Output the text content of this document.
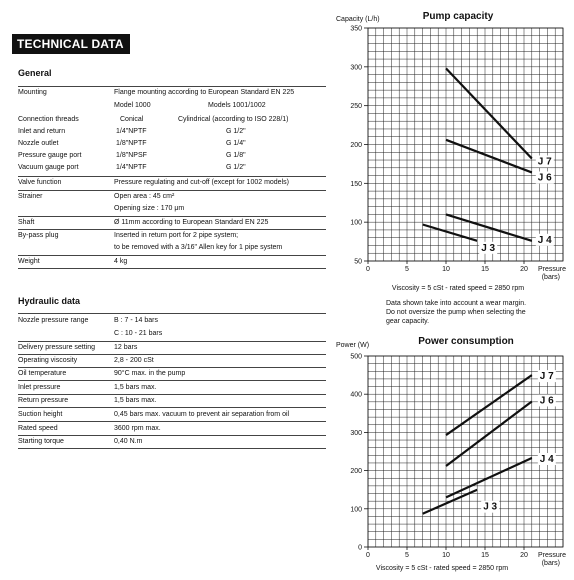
TECHNICAL DATA
General
Mounting	Flange mounting according to European Standard EN 225
Model 1000	Models 1001/1002
Connection threads	Conical	Cylindrical (according to ISO 228/1)
Inlet and return	1/4"NPTF	G 1/2"
Nozzle outlet	1/8"NPTF	G 1/4"
Pressure gauge port	1/8"NPSF	G 1/8"
Vacuum gauge port	1/4"NPTF	G 1/2"
Valve function	Pressure regulating and cut-off (except for 1002 models)
Strainer	Open area : 45 cm²
Opening size : 170 μm
Shaft	Ø 11mm according to European Standard EN 225
By-pass plug	Inserted in return port for 2 pipe system;
to be removed with a 3/16" Allen key for 1 pipe system
Weight	4 kg
Hydraulic data
Nozzle pressure range	B : 7 - 14 bars
C : 10 - 21 bars
Delivery pressure setting	12 bars
Operating viscosity	2,8 - 200 cSt
Oil temperature	90°C max. in the pump
Inlet pressure	1,5 bars max.
Return pressure	1,5 bars max.
Suction height	0,45 bars max. vacuum to prevent air separation from oil
Rated speed	3600 rpm max.
Starting torque	0,40 N.m
50
100
150
200
250
300
350
0	5	10	15	20
Pump capacity
Capacity (L/h)
Pressure
(bars)
Viscosity = 5 cSt - rated speed = 2850 rpm
J 7
J 6
J 4
J 3
Data shown take into account a wear margin.
Do not oversize the pump when selecting the
gear capacity.
0
100
200
300
400
500
0	5	10	15	20
Power consumption
Power (W)
Pressure
(bars)
Viscosity = 5 cSt - rated speed = 2850 rpm
J 7
J 6
J 4
J 3
